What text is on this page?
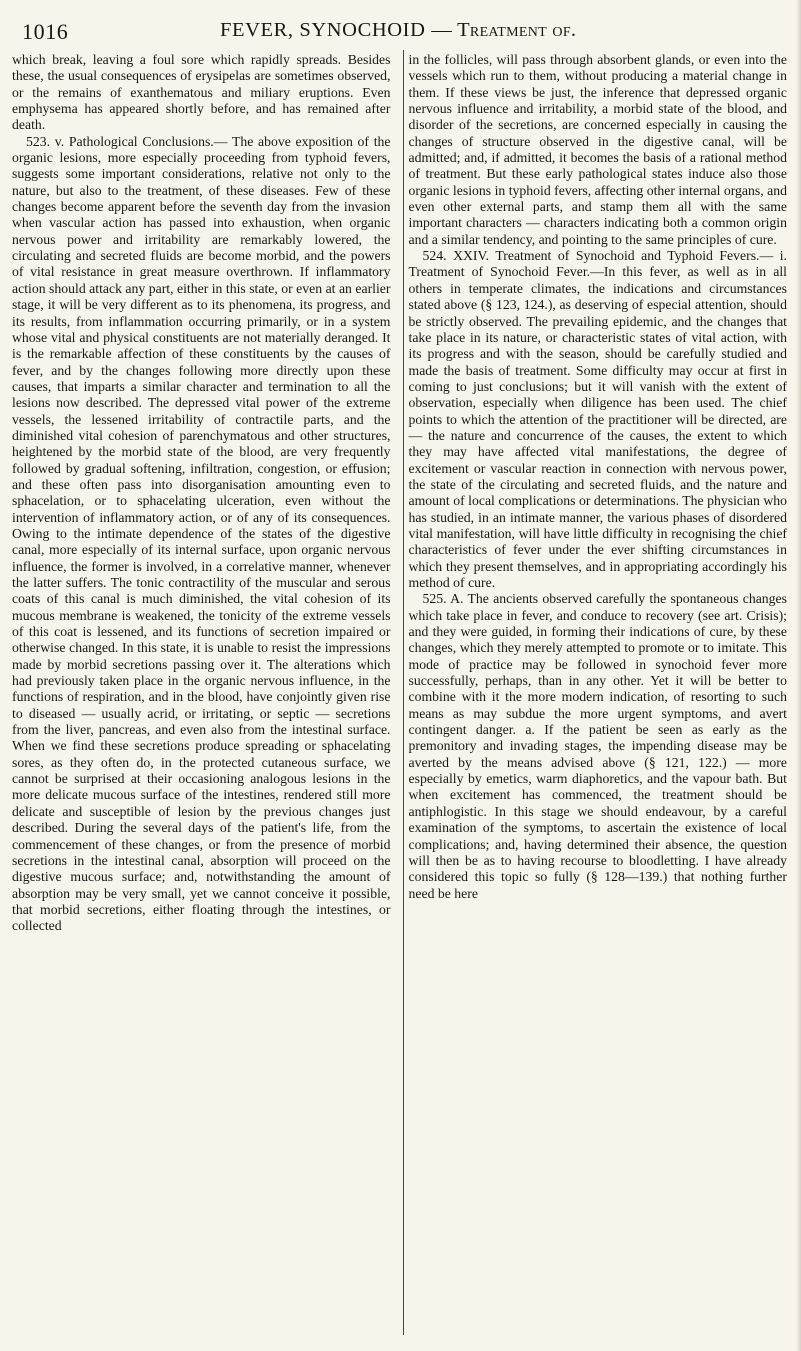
1016	FEVER, SYNOCHOID — Treatment of.

which break, leaving a foul sore which rapidly spreads. Besides these, the usual consequences of erysipelas are sometimes observed, or the remains of exanthematous and miliary eruptions. Even emphysema has appeared shortly before, and has remained after death.

523. v. Pathological Conclusions.— The above exposition of the organic lesions, more especially proceeding from typhoid fevers, suggests some important considerations, relative not only to the nature, but also to the treatment, of these diseases. Few of these changes become apparent before the seventh day from the invasion when vascular action has passed into exhaustion, when organic nervous power and irritability are remarkably lowered, the circulating and secreted fluids are become morbid, and the powers of vital resistance in great measure overthrown. If inflammatory action should attack any part, either in this state, or even at an earlier stage, it will be very different as to its phenomena, its progress, and its results, from inflammation occurring primarily, or in a system whose vital and physical constituents are not materially deranged. It is the remarkable affection of these constituents by the causes of fever, and by the changes following more directly upon these causes, that imparts a similar character and termination to all the lesions now described. The depressed vital power of the extreme vessels, the lessened irritability of contractile parts, and the diminished vital cohesion of parenchymatous and other structures, heightened by the morbid state of the blood, are very frequently followed by gradual softening, infiltration, congestion, or effusion; and these often pass into disorganisation amounting even to sphacelation, or to sphacelating ulceration, even without the intervention of inflammatory action, or of any of its consequences. Owing to the intimate dependence of the states of the digestive canal, more especially of its internal surface, upon organic nervous influence, the former is involved, in a correlative manner, whenever the latter suffers. The tonic contractility of the muscular and serous coats of this canal is much diminished, the vital cohesion of its mucous membrane is weakened, the tonicity of the extreme vessels of this coat is lessened, and its functions of secretion impaired or otherwise changed. In this state, it is unable to resist the impressions made by morbid secretions passing over it. The alterations which had previously taken place in the organic nervous influence, in the functions of respiration, and in the blood, have conjointly given rise to diseased — usually acrid, or irritating, or septic — secretions from the liver, pancreas, and even also from the intestinal surface. When we find these secretions produce spreading or sphacelating sores, as they often do, in the protected cutaneous surface, we cannot be surprised at their occasioning analogous lesions in the more delicate mucous surface of the intestines, rendered still more delicate and susceptible of lesion by the previous changes just described. During the several days of the patient's life, from the commencement of these changes, or from the presence of morbid secretions in the intestinal canal, absorption will proceed on the digestive mucous surface; and, notwithstanding the amount of absorption may be very small, yet we cannot conceive it possible, that morbid secretions, either floating through the intestines, or collected

in the follicles, will pass through absorbent glands, or even into the vessels which run to them, without producing a material change in them. If these views be just, the inference that depressed organic nervous influence and irritability, a morbid state of the blood, and disorder of the secretions, are concerned especially in causing the changes of structure observed in the digestive canal, will be admitted; and, if admitted, it becomes the basis of a rational method of treatment. But these early pathological states induce also those organic lesions in typhoid fevers, affecting other internal organs, and even other external parts, and stamp them all with the same important characters — characters indicating both a common origin and a similar tendency, and pointing to the same principles of cure.

524. XXIV. Treatment of Synochoid and Typhoid Fevers.— i. Treatment of Synochoid Fever.—In this fever, as well as in all others in temperate climates, the indications and circumstances stated above (§ 123, 124.), as deserving of especial attention, should be strictly observed. The prevailing epidemic, and the changes that take place in its nature, or characteristic states of vital action, with its progress and with the season, should be carefully studied and made the basis of treatment. Some difficulty may occur at first in coming to just conclusions; but it will vanish with the extent of observation, especially when diligence has been used. The chief points to which the attention of the practitioner will be directed, are — the nature and concurrence of the causes, the extent to which they may have affected vital manifestations, the degree of excitement or vascular reaction in connection with nervous power, the state of the circulating and secreted fluids, and the nature and amount of local complications or determinations. The physician who has studied, in an intimate manner, the various phases of disordered vital manifestation, will have little difficulty in recognising the chief characteristics of fever under the ever shifting circumstances in which they present themselves, and in appropriating accordingly his method of cure.

525. A. The ancients observed carefully the spontaneous changes which take place in fever, and conduce to recovery (see art. Crisis); and they were guided, in forming their indications of cure, by these changes, which they merely attempted to promote or to imitate. This mode of practice may be followed in synochoid fever more successfully, perhaps, than in any other. Yet it will be better to combine with it the more modern indication, of resorting to such means as may subdue the more urgent symptoms, and avert contingent danger. a. If the patient be seen as early as the premonitory and invading stages, the impending disease may be averted by the means advised above (§ 121, 122.) — more especially by emetics, warm diaphoretics, and the vapour bath. But when excitement has commenced, the treatment should be antiphlogistic. In this stage we should endeavour, by a careful examination of the symptoms, to ascertain the existence of local complications; and, having determined their absence, the question will then be as to having recourse to bloodletting. I have already considered this topic so fully (§ 128—139.) that nothing further need be here
